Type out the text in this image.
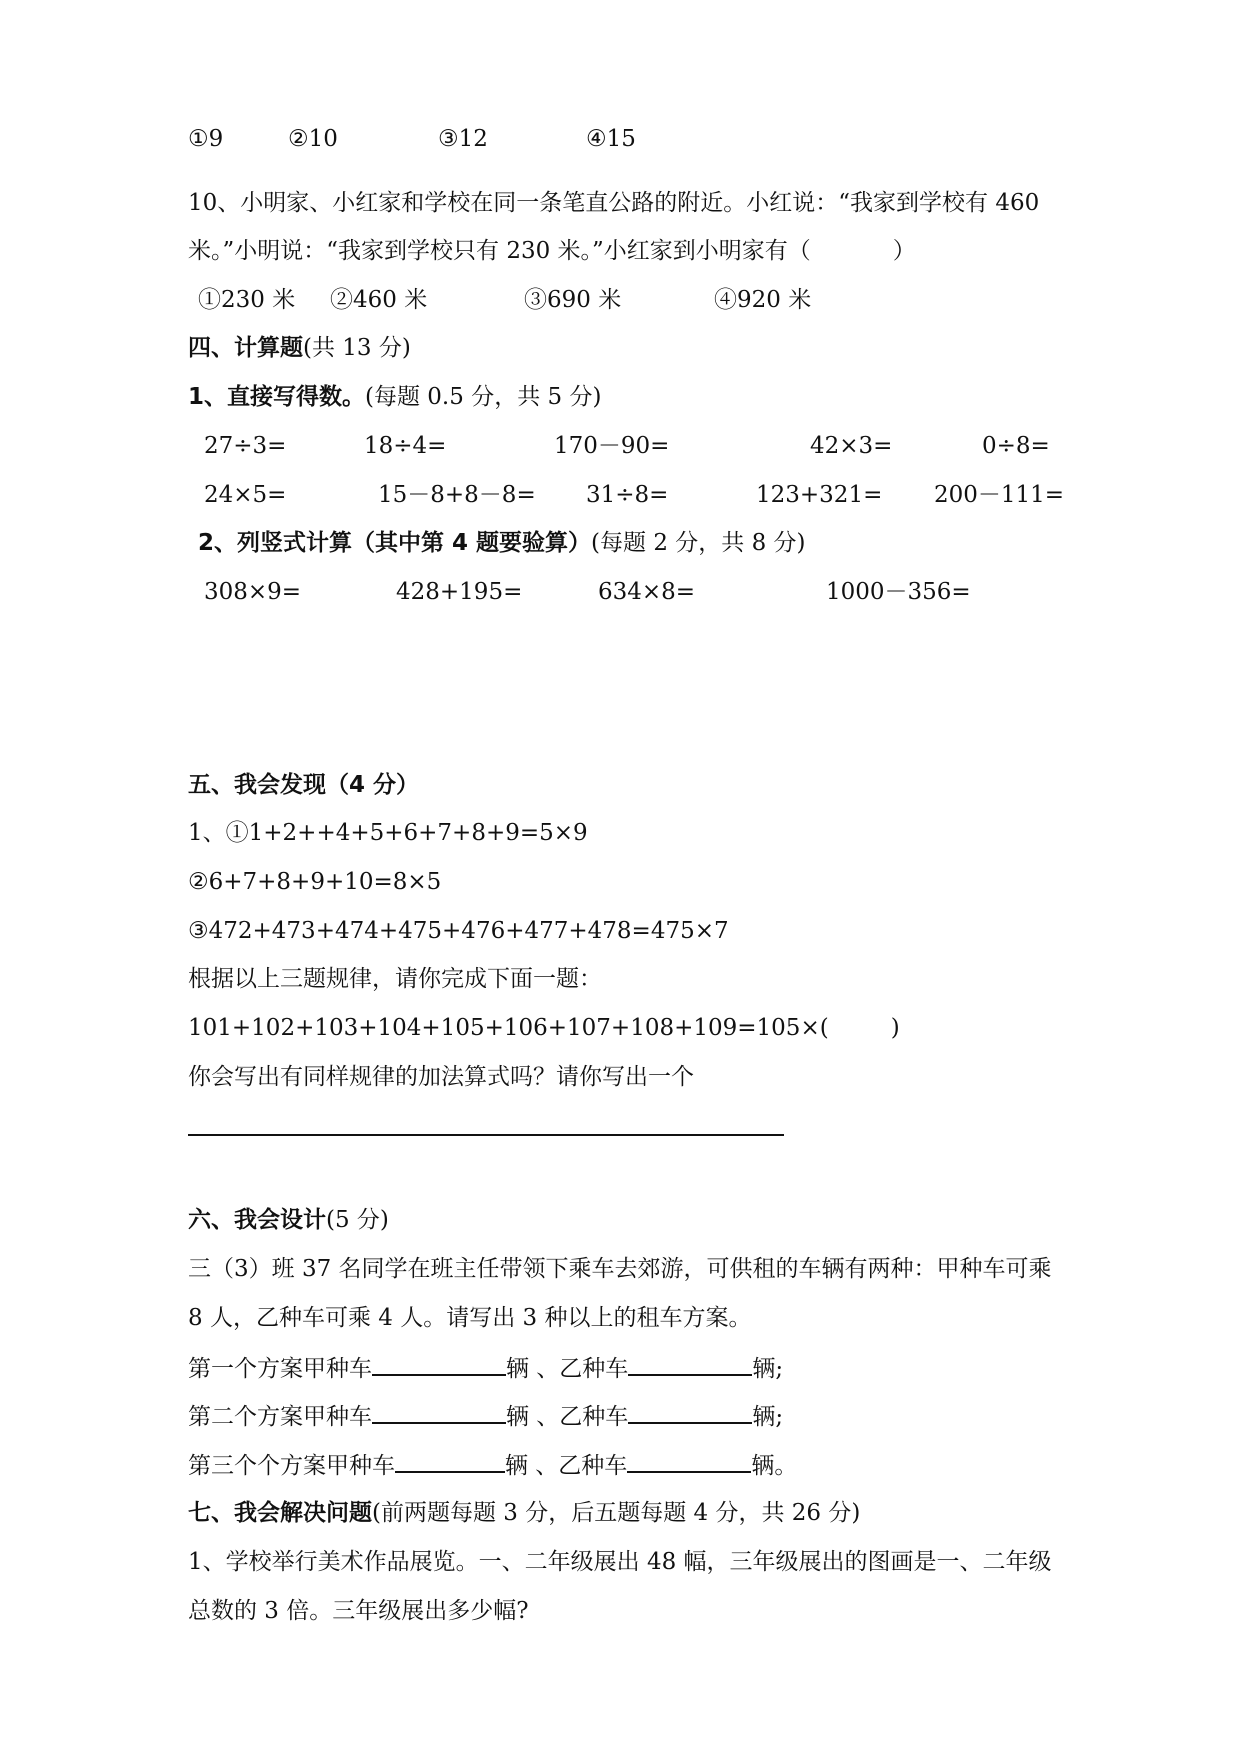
①9	②10	③12	④15
10、小明家、小红家和学校在同一条笔直公路的附近。小红说：“我家到学校有 460
米。”小明说：“我家到学校只有 230 米。”小红家到小明家有（	）
①230 米 ②460 米	③690 米	④920 米
四、计算题(共 13 分)
1、直接写得数。(每题 0.5 分，共 5 分)
27÷3=	18÷4=	170－90=	42×3=	0÷8=
24×5=	15－8+8－8= 31÷8=	123+321= 200－111=
2、列竖式计算（其中第 4 题要验算）(每题 2 分，共 8 分)
308×9=	428+195=	634×8=	1000－356=
五、我会发现（4 分）
1、①1+2++4+5+6+7+8+9=5×9
②6+7+8+9+10=8×5
③472+473+474+475+476+477+478=475×7
根据以上三题规律，请你完成下面一题：
101+102+103+104+105+106+107+108+109=105×(	)
你会写出有同样规律的加法算式吗？请你写出一个
六、我会设计(5 分)
三（3）班 37 名同学在班主任带领下乘车去郊游，可供租的车辆有两种：甲种车可乘
8 人，乙种车可乘 4 人。请写出 3 种以上的租车方案。
第一个方案甲种车	辆 、乙种车	辆;
第二个方案甲种车	辆 、乙种车	辆;
第三个个方案甲种车	辆 、乙种车	辆。
七、我会解决问题(前两题每题 3 分，后五题每题 4 分，共 26 分)
1、学校举行美术作品展览。一、二年级展出 48 幅，三年级展出的图画是一、二年级
总数的 3 倍。三年级展出多少幅?
